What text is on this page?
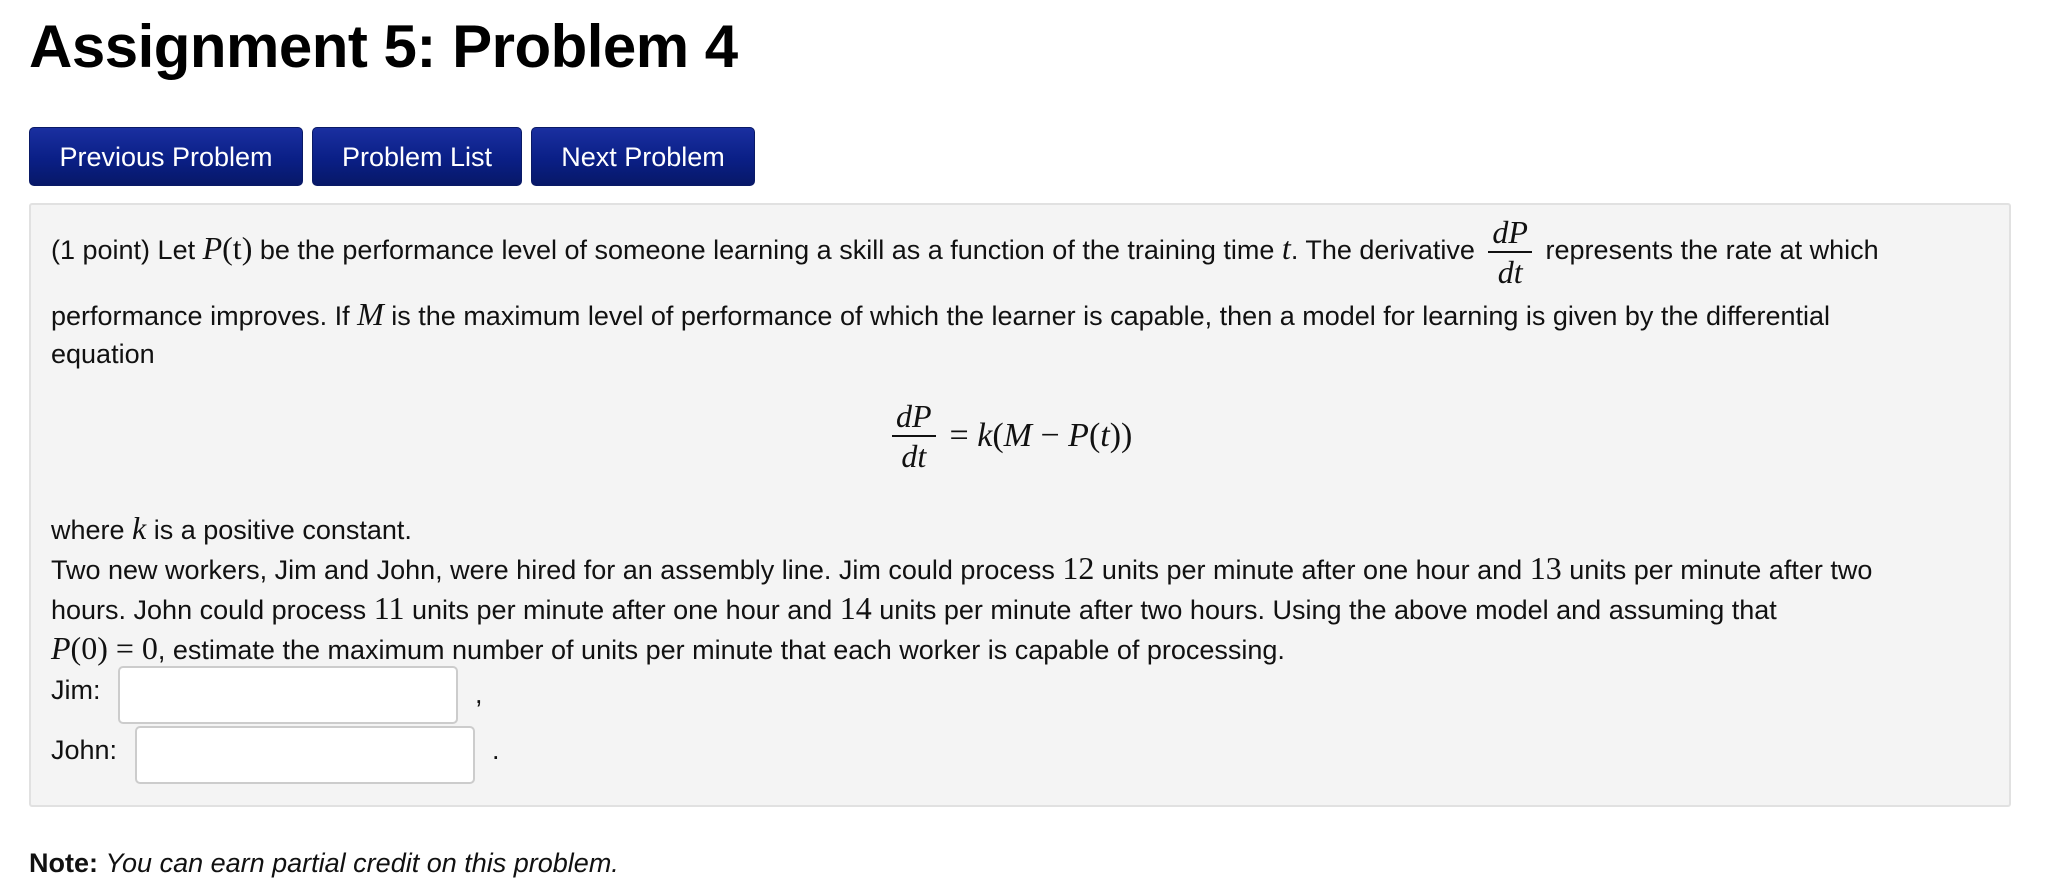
Assignment 5: Problem 4
Previous Problem	Problem List	Next Problem
(1 point) Let P(t) be the performance level of someone learning a skill as a function of the training time t. The derivative $\frac{dP}{dt}$ represents the rate at which
performance improves. If M is the maximum level of performance of which the learner is capable, then a model for learning is given by the differential
equation
$\frac{dP}{dt} = k(M - P(t))$
where k is a positive constant.
Two new workers, Jim and John, were hired for an assembly line. Jim could process 12 units per minute after one hour and 13 units per minute after two
hours. John could process 11 units per minute after one hour and 14 units per minute after two hours. Using the above model and assuming that
P(0) = 0, estimate the maximum number of units per minute that each worker is capable of processing.
Jim:	,
John:	.
Note: You can earn partial credit on this problem.
